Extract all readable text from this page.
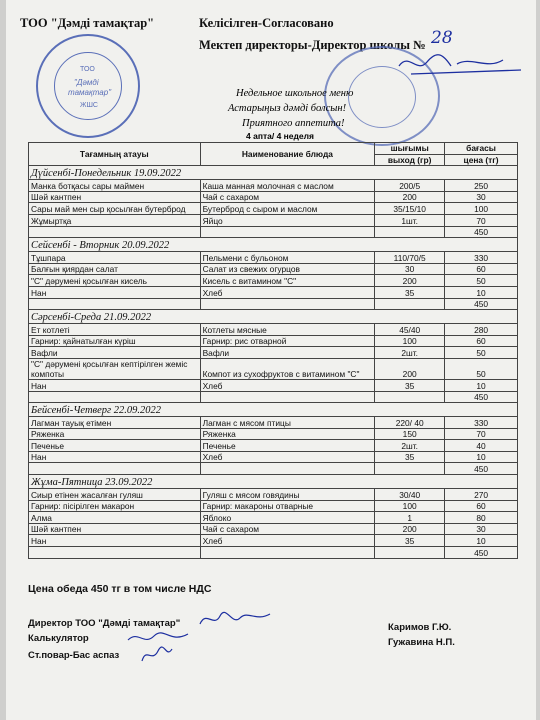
ТОО "Дәмді тамақтар"	Келісілген-Согласовано
Мектеп директоры-Директор школы № 28
ТОО
"Дәмді
тамақтар"
ЖШС
Недельное школьное меню
Астарыңыз дәмді болсын!
Приятного аппетита!
4 апта/ 4 неделя
Тағамның атауы	Наименование блюда	шығымы	бағасы
		выход (гр)	цена (тг)
Дүйсенбі-Понедельник 19.09.2022			
Манка ботқасы сары маймен	Каша манная молочная с маслом	200/5	250
Шәй кантпен	Чай с сахаром	200	30
Сары май мен сыр қосылған бутерброд	Бутерброд с сыром и маслом	35/15/10	100
Жұмыртқа	Яйцо	1шт.	70
			450
Сейсенбі - Вторник 20.09.2022			
Тұшпара	Пельмени с бульоном	110/70/5	330
Балғын қиярдан салат	Салат из свежих огурцов	30	60
"С" дәрумені қосылған кисель	Кисель с витамином "С"	200	50
Нан	Хлеб	35	10
			450
Сәрсенбі-Среда 21.09.2022			
Ет котлеті	Котлеты мясные	45/40	280
Гарнир: қайнатылған күріш	Гарнир: рис отварной	100	60
Вафли	Вафли	2шт.	50
"С" дәрумені қосылған кептірілген жеміс компоты	Компот из сухофруктов с витамином "С"	200	50
Нан	Хлеб	35	10
			450
Бейсенбі-Четверг 22.09.2022			
Лагман тауық етімен	Лагман с мясом птицы	220/ 40	330
Ряженка	Ряженка	150	70
Печенье	Печенье	2шт.	40
Нан	Хлеб	35	10
			450
Жұма-Пятница 23.09.2022			
Сиыр етінен жасалған гуляш	Гуляш с мясом говядины	30/40	270
Гарнир: пісірілген макарон	Гарнир: макароны отварные	100	60
Алма	Яблоко	1	80
Шәй кантпен	Чай с сахаром	200	30
Нан	Хлеб	35	10
			450
Цена обеда 450 тг в том числе НДС
Директор ТОО "Дәмді тамақтар"
Калькулятор
Ст.повар-Бас аспаз
Каримов Г.Ю.
Гужавина Н.П.
